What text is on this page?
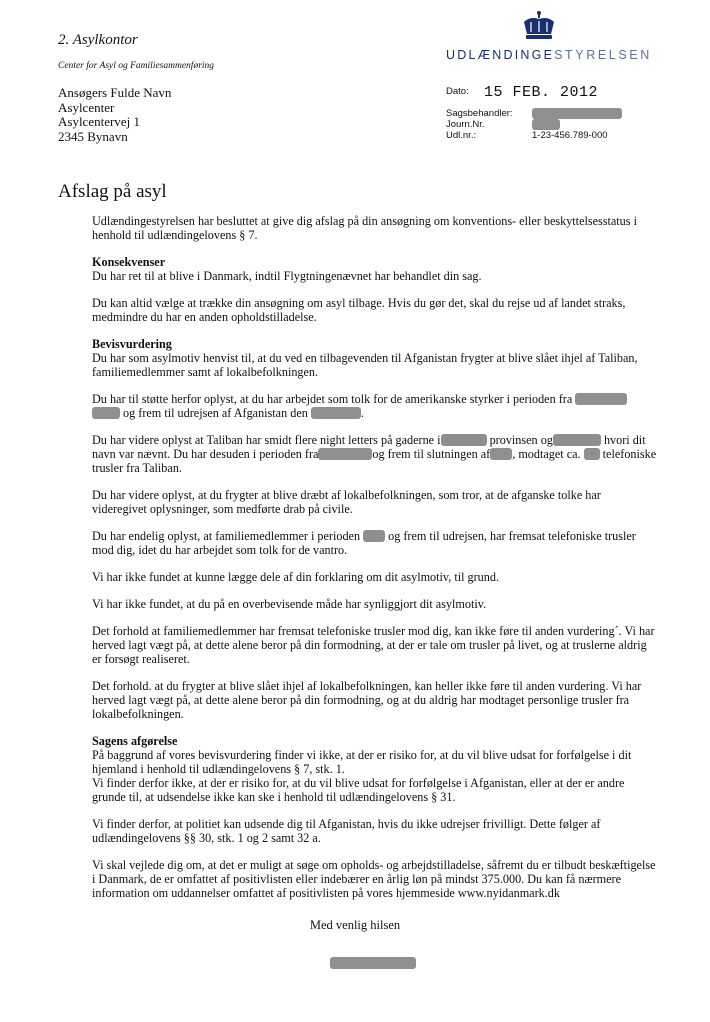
2. Asylkontor
Center for Asyl og Familiesammenføring
UDLÆNDINGESTYRELSEN
Ansøgers Fulde Navn
Asylcenter
Asylcentervej 1
2345 Bynavn
Dato: 15 FEB. 2012
Sagsbehandler:
Journ.Nr.
Udl.nr.:	1-23-456.789-000
Afslag på asyl

Udlændingestyrelsen har besluttet at give dig afslag på din ansøgning om konventions- eller beskyttelsesstatus i henhold til udlændingelovens § 7.

Konsekvenser

Du har ret til at blive i Danmark, indtil Flygtningenævnet har behandlet din sag.

Du kan altid vælge at trække din ansøgning om asyl tilbage. Hvis du gør det, skal du rejse ud af landet straks, medmindre du har en anden opholdstilladelse.

Bevisvurdering

Du har som asylmotiv henvist til, at du ved en tilbagevenden til Afganistan frygter at blive slået ihjel af Taliban, familiemedlemmer samt af lokalbefolkningen.

Du har til støtte herfor oplyst, at du har arbejdet som tolk for de amerikanske styrker i perioden fra   og frem til udrejsen af Afganistan den	.

Du har videre oplyst at Taliban har smidt flere night letters på gaderne i	provinsen og	hvori dit navn var nævnt. Du har desuden i perioden fra	og frem til slutningen af , modtaget ca. telefoniske trusler fra Taliban.

Du har videre oplyst, at du frygter at blive dræbt af lokalbefolkningen, som tror, at de afganske tolke har videregivet oplysninger, som medførte drab på civile.

Du har endelig oplyst, at familiemedlemmer i perioden og frem til udrejsen, har fremsat telefoniske trusler mod dig, idet du har arbejdet som tolk for de vantro.

Vi har ikke fundet at kunne lægge dele af din forklaring om dit asylmotiv, til grund.

Vi har ikke fundet, at du på en overbevisende måde har synliggjort dit asylmotiv.

Det forhold at familiemedlemmer har fremsat telefoniske trusler mod dig, kan ikke føre til anden vurdering´. Vi har herved lagt vægt på, at dette alene beror på din formodning, at der er tale om trusler på livet, og at truslerne aldrig er forsøgt realiseret.

Det forhold. at du frygter at blive slået ihjel af lokalbefolkningen, kan heller ikke føre til anden vurdering. Vi har herved lagt vægt på, at dette alene beror på din formodning, og at du aldrig har modtaget personlige trusler fra lokalbefolkningen.

Sagens afgørelse
På baggrund af vores bevisvurdering finder vi ikke, at der er risiko for, at du vil blive udsat for forfølgelse i dit hjemland i henhold til udlændingelovens § 7, stk. 1.

Vi finder derfor ikke, at der er risiko for, at du vil blive udsat for forfølgelse i Afganistan, eller at der er andre grunde til, at udsendelse ikke kan ske i henhold til udlændingelovens § 31.

Vi finder derfor, at politiet kan udsende dig til Afganistan, hvis du ikke udrejser frivilligt. Dette følger af udlændingelovens §§ 30, stk. 1 og 2 samt 32 a.

Vi skal vejlede dig om, at det er muligt at søge om opholds- og arbejdstilladelse, såfremt du er tilbudt beskæftigelse i Danmark, de er omfattet af positivlisten eller indebærer en årlig løn på mindst 375.000. Du kan få nærmere information om uddannelser omfattet af positivlisten på vores hjemmeside www.nyidanmark.dk

Med venlig hilsen
